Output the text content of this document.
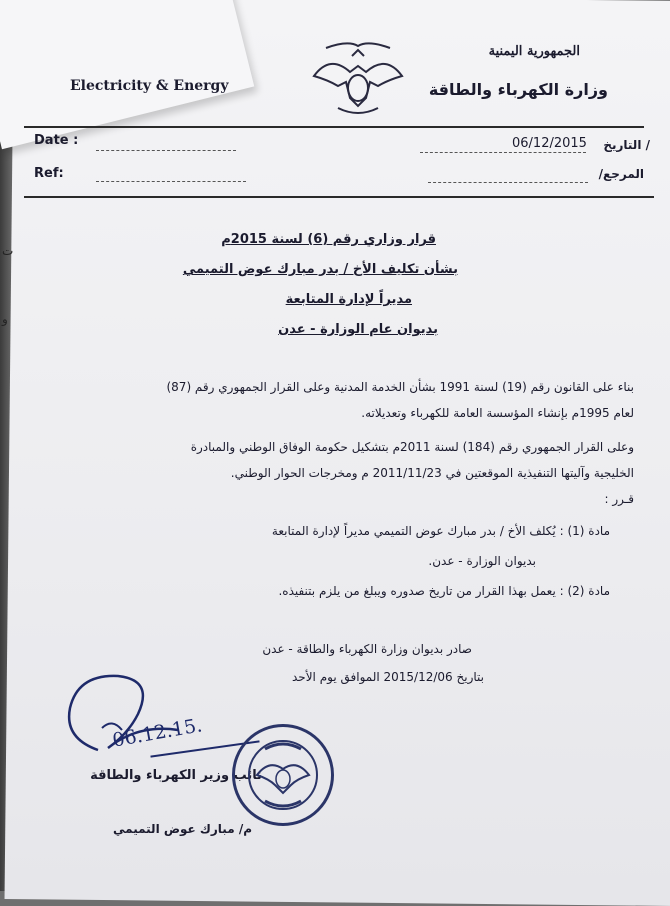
Electricity & Energy
الجمهورية اليمنية
وزارة الكهرباء والطاقة
Date :	06/12/2015 / التاريخ
Ref:	المرجع/
قرار وزاري رقم (6) لسنة 2015م
بشأن تكليف الأخ / بدر مبارك عوض التميمي
مديراً لإدارة المتابعة
بديوان عام الوزارة - عدن
بناء على القانون رقم (19) لسنة 1991 بشأن الخدمة المدنية وعلى القرار الجمهوري رقم (87)
لعام 1995م بإنشاء المؤسسة العامة للكهرباء وتعديلاته.
وعلى القرار الجمهوري رقم (184) لسنة 2011م بتشكيل حكومة الوفاق الوطني والمبادرة
الخليجية وآليتها التنفيذية الموقعتين في 2011/11/23 م ومخرجات الحوار الوطني.
قـرر :
مادة (1) : يُكلف الأخ / بدر مبارك عوض التميمي مديراً لإدارة المتابعة
بديوان الوزارة - عدن.
مادة (2) : يعمل بهذا القرار من تاريخ صدوره ويبلغ من يلزم بتنفيذه.
صادر بديوان وزارة الكهرباء والطاقة - عدن
بتاريخ 2015/12/06 الموافق يوم الأحد
06.12.15.
نائب وزير الكهرباء والطاقة
م/ مبارك عوض التميمي
ت
و
